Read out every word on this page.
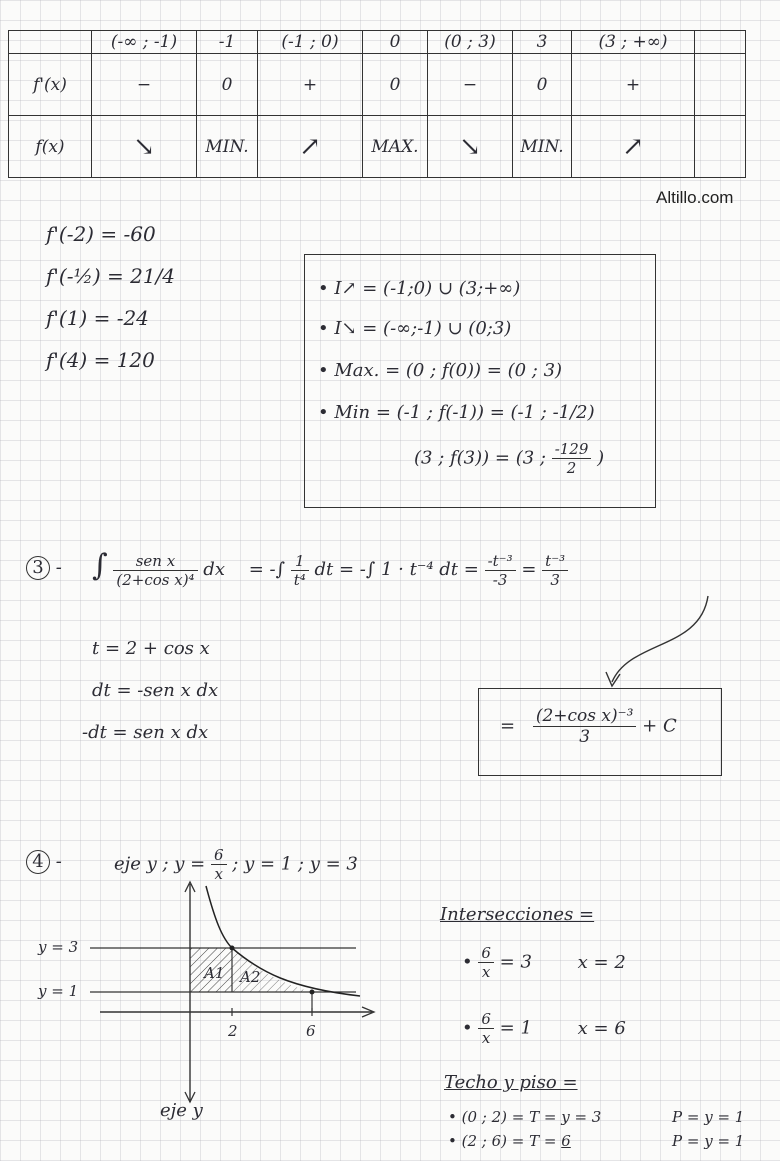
	(-∞ ; -1)	-1	(-1 ; 0)	0	(0 ; 3)	3	(3 ; +∞)	
f'(x)	−	0	+	0	−	0	+	
f(x)	↘	MIN.	↗	MAX.	↘	MIN.	↗	
Altillo.com
f'(-2) = -60
f'(-½) = 21/4
f'(1) = -24
f'(4) = 120
• I↗ = (-1;0) ∪ (3;+∞)
• I↘ = (-∞;-1) ∪ (0;3)
• Max. = (0 ; f(0)) = (0 ; 3)
• Min = (-1 ; f(-1)) = (-1 ; -1/2)
(3 ; f(3)) = (3 ; $\frac{-129}{2}$ )
3 - ∫ $\frac{\text{sen x}}{\text{(2+cos x)⁴}}$ dx = -∫ $\frac{1}{\text{t⁴}}$ dt = -∫ 1 · t⁻⁴ dt = $\frac{\text{-t⁻³}}{-3} = \frac{\text{t⁻³}}{3}$
t = 2 + cos x
dt = -sen x dx
-dt = sen x dx	= $\frac{\text{(2+cos x)⁻³}}{3} + C$
4 -	eje y ; $y = \frac{6}{x}$ ; y = 1 ; y = 3
y = 3
y = 1
A1 A2
2	6
eje y
Intersecciones =
• $\frac{6}{x} = 3$	x = 2
• $\frac{6}{x} = 1$	x = 6
Techo y piso =
• (0 ; 2) = T = y = 3	P = y = 1
• (2 ; 6) = T = 6	P = y = 1
